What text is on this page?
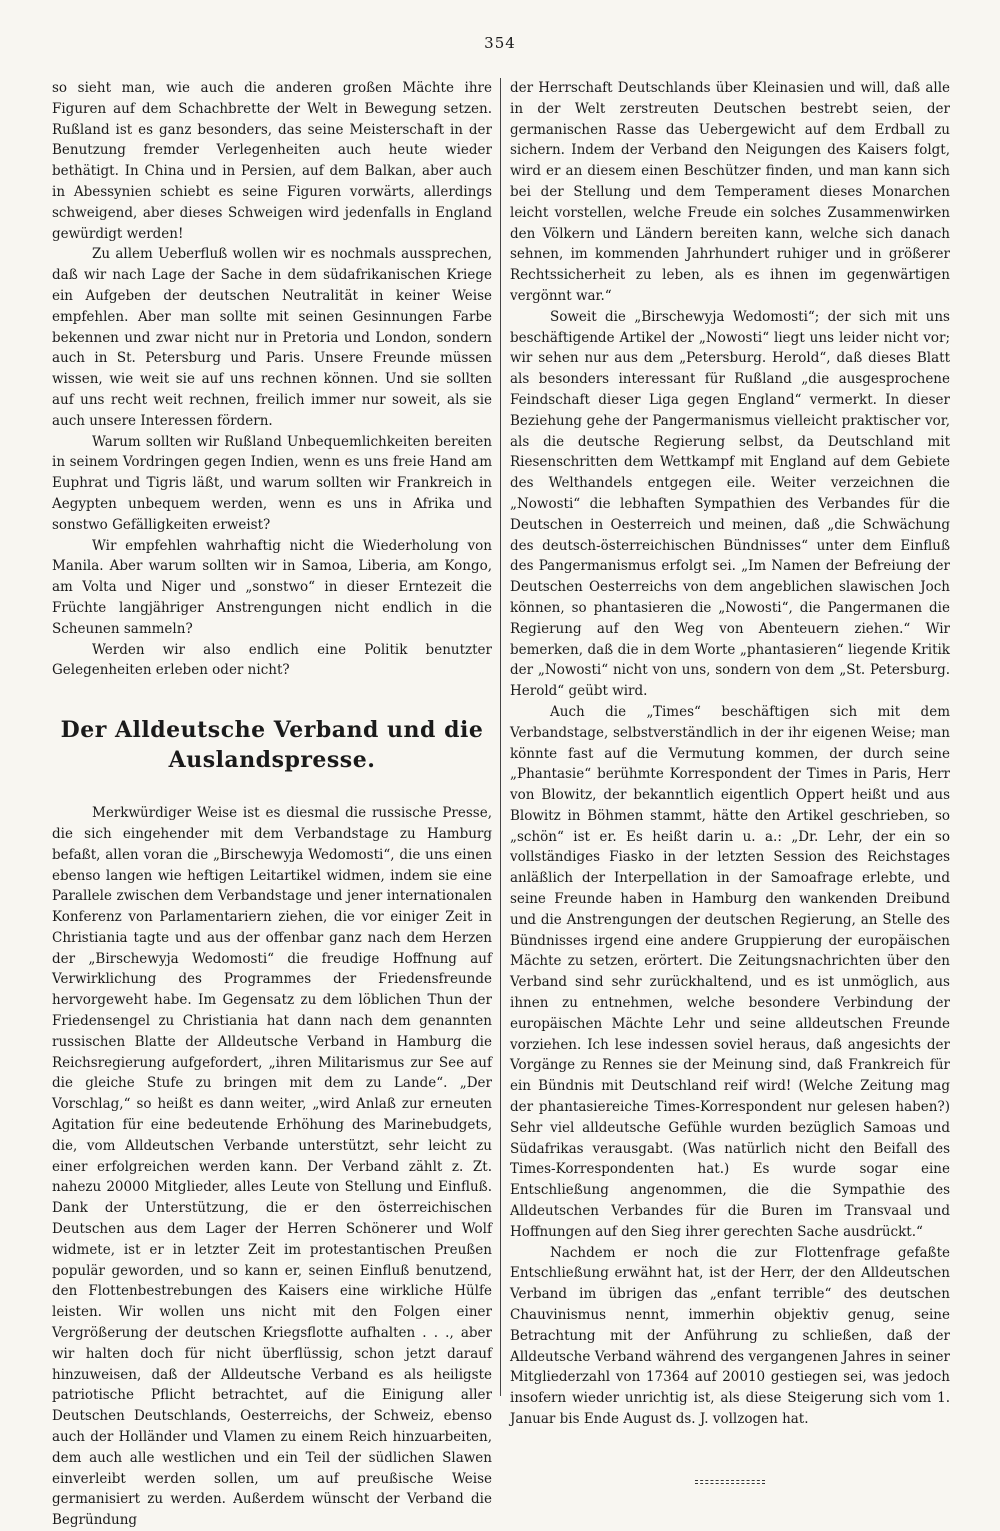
354

so sieht man, wie auch die anderen großen Mächte ihre Figuren auf dem Schachbrette der Welt in Bewegung setzen. Rußland ist es ganz besonders, das seine Meisterschaft in der Benutzung fremder Verlegenheiten auch heute wieder bethätigt. In China und in Persien, auf dem Balkan, aber auch in Abessynien schiebt es seine Figuren vorwärts, allerdings schweigend, aber dieses Schweigen wird jedenfalls in England gewürdigt werden!

Zu allem Ueberfluß wollen wir es nochmals aussprechen, daß wir nach Lage der Sache in dem südafrikanischen Kriege ein Aufgeben der deutschen Neutralität in keiner Weise empfehlen. Aber man sollte mit seinen Gesinnungen Farbe bekennen und zwar nicht nur in Pretoria und London, sondern auch in St. Petersburg und Paris. Unsere Freunde müssen wissen, wie weit sie auf uns rechnen können. Und sie sollten auf uns recht weit rechnen, freilich immer nur soweit, als sie auch unsere Interessen fördern.

Warum sollten wir Rußland Unbequemlichkeiten bereiten in seinem Vordringen gegen Indien, wenn es uns freie Hand am Euphrat und Tigris läßt, und warum sollten wir Frankreich in Aegypten unbequem werden, wenn es uns in Afrika und sonstwo Gefälligkeiten erweist?

Wir empfehlen wahrhaftig nicht die Wiederholung von Manila. Aber warum sollten wir in Samoa, Liberia, am Kongo, am Volta und Niger und „sonstwo“ in dieser Erntezeit die Früchte langjähriger Anstrengungen nicht endlich in die Scheunen sammeln?

Werden wir also endlich eine Politik benutzter Gelegenheiten erleben oder nicht?

Der Alldeutsche Verband und die
Auslandspresse.

Merkwürdiger Weise ist es diesmal die russische Presse, die sich eingehender mit dem Verbandstage zu Hamburg befaßt, allen voran die „Birschewyja Wedomosti“, die uns einen ebenso langen wie heftigen Leitartikel widmen, indem sie eine Parallele zwischen dem Verbandstage und jener internationalen Konferenz von Parlamentariern ziehen, die vor einiger Zeit in Christiania tagte und aus der offenbar ganz nach dem Herzen der „Birschewyja Wedomosti“ die freudige Hoffnung auf Verwirklichung des Programmes der Friedensfreunde hervorgeweht habe. Im Gegensatz zu dem löblichen Thun der Friedensengel zu Christiania hat dann nach dem genannten russischen Blatte der Alldeutsche Verband in Hamburg die Reichsregierung aufgefordert, „ihren Militarismus zur See auf die gleiche Stufe zu bringen mit dem zu Lande“. „Der Vorschlag,“ so heißt es dann weiter, „wird Anlaß zur erneuten Agitation für eine bedeutende Erhöhung des Marinebudgets, die, vom Alldeutschen Verbande unterstützt, sehr leicht zu einer erfolgreichen werden kann. Der Verband zählt z. Zt. nahezu 20000 Mitglieder, alles Leute von Stellung und Einfluß. Dank der Unterstützung, die er den österreichischen Deutschen aus dem Lager der Herren Schönerer und Wolf widmete, ist er in letzter Zeit im protestantischen Preußen populär geworden, und so kann er, seinen Einfluß benutzend, den Flottenbestrebungen des Kaisers eine wirkliche Hülfe leisten. Wir wollen uns nicht mit den Folgen einer Vergrößerung der deutschen Kriegsflotte aufhalten . . ., aber wir halten doch für nicht überflüssig, schon jetzt darauf hinzuweisen, daß der Alldeutsche Verband es als heiligste patriotische Pflicht betrachtet, auf die Einigung aller Deutschen Deutschlands, Oesterreichs, der Schweiz, ebenso auch der Holländer und Vlamen zu einem Reich hinzuarbeiten, dem auch alle westlichen und ein Teil der südlichen Slawen einverleibt werden sollen, um auf preußische Weise germanisiert zu werden. Außerdem wünscht der Verband die Begründung

der Herrschaft Deutschlands über Kleinasien und will, daß alle in der Welt zerstreuten Deutschen bestrebt seien, der germanischen Rasse das Uebergewicht auf dem Erdball zu sichern. Indem der Verband den Neigungen des Kaisers folgt, wird er an diesem einen Beschützer finden, und man kann sich bei der Stellung und dem Temperament dieses Monarchen leicht vorstellen, welche Freude ein solches Zusammenwirken den Völkern und Ländern bereiten kann, welche sich danach sehnen, im kommenden Jahrhundert ruhiger und in größerer Rechtssicherheit zu leben, als es ihnen im gegenwärtigen vergönnt war.“

Soweit die „Birschewyja Wedomosti“; der sich mit uns beschäftigende Artikel der „Nowosti“ liegt uns leider nicht vor; wir sehen nur aus dem „Petersburg. Herold“, daß dieses Blatt als besonders interessant für Rußland „die ausgesprochene Feindschaft dieser Liga gegen England“ vermerkt. In dieser Beziehung gehe der Pangermanismus vielleicht praktischer vor, als die deutsche Regierung selbst, da Deutschland mit Riesenschritten dem Wettkampf mit England auf dem Gebiete des Welthandels entgegen eile. Weiter verzeichnen die „Nowosti“ die lebhaften Sympathien des Verbandes für die Deutschen in Oesterreich und meinen, daß „die Schwächung des deutsch-österreichischen Bündnisses“ unter dem Einfluß des Pangermanismus erfolgt sei. „Im Namen der Befreiung der Deutschen Oesterreichs von dem angeblichen slawischen Joch können, so phantasieren die „Nowosti“, die Pangermanen die Regierung auf den Weg von Abenteuern ziehen.“ Wir bemerken, daß die in dem Worte „phantasieren“ liegende Kritik der „Nowosti“ nicht von uns, sondern von dem „St. Petersburg. Herold“ geübt wird.

Auch die „Times“ beschäftigen sich mit dem Verbandstage, selbstverständlich in der ihr eigenen Weise; man könnte fast auf die Vermutung kommen, der durch seine „Phantasie“ berühmte Korrespondent der Times in Paris, Herr von Blowitz, der bekanntlich eigentlich Oppert heißt und aus Blowitz in Böhmen stammt, hätte den Artikel geschrieben, so „schön“ ist er. Es heißt darin u. a.: „Dr. Lehr, der ein so vollständiges Fiasko in der letzten Session des Reichstages anläßlich der Interpellation in der Samoafrage erlebte, und seine Freunde haben in Hamburg den wankenden Dreibund und die Anstrengungen der deutschen Regierung, an Stelle des Bündnisses irgend eine andere Gruppierung der europäischen Mächte zu setzen, erörtert. Die Zeitungsnachrichten über den Verband sind sehr zurückhaltend, und es ist unmöglich, aus ihnen zu entnehmen, welche besondere Verbindung der europäischen Mächte Lehr und seine alldeutschen Freunde vorziehen. Ich lese indessen soviel heraus, daß angesichts der Vorgänge zu Rennes sie der Meinung sind, daß Frankreich für ein Bündnis mit Deutschland reif wird! (Welche Zeitung mag der phantasiereiche Times-Korrespondent nur gelesen haben?) Sehr viel alldeutsche Gefühle wurden bezüglich Samoas und Südafrikas verausgabt. (Was natürlich nicht den Beifall des Times-Korrespondenten hat.) Es wurde sogar eine Entschließung angenommen, die die Sympathie des Alldeutschen Verbandes für die Buren im Transvaal und Hoffnungen auf den Sieg ihrer gerechten Sache ausdrückt.“

Nachdem er noch die zur Flottenfrage gefaßte Entschließung erwähnt hat, ist der Herr, der den Alldeutschen Verband im übrigen das „enfant terrible“ des deutschen Chauvinismus nennt, immerhin objektiv genug, seine Betrachtung mit der Anführung zu schließen, daß der Alldeutsche Verband während des vergangenen Jahres in seiner Mitgliederzahl von 17364 auf 20010 gestiegen sei, was jedoch insofern wieder unrichtig ist, als diese Steigerung sich vom 1. Januar bis Ende August ds. J. vollzogen hat.
